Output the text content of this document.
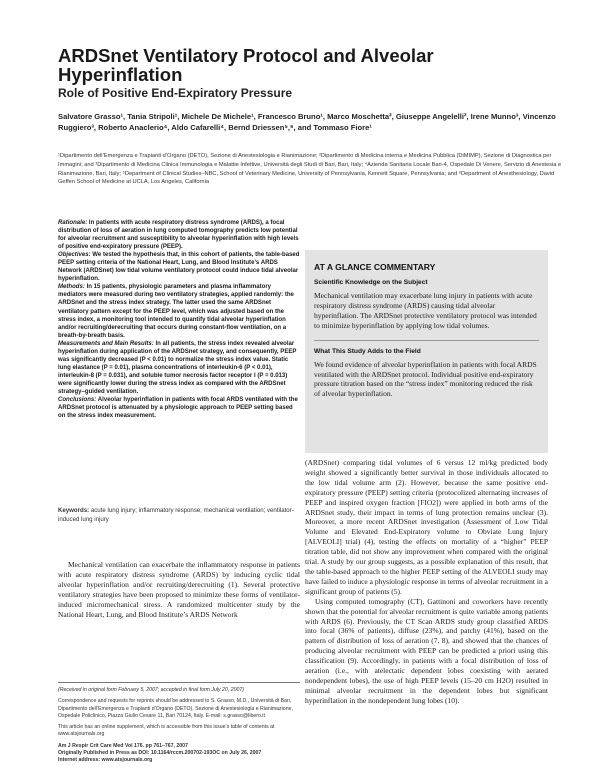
ARDSnet Ventilatory Protocol and Alveolar Hyperinflation
Role of Positive End-Expiratory Pressure
Salvatore Grasso¹, Tania Stripoli¹, Michele De Michele¹, Francesco Bruno¹, Marco Moschetta², Giuseppe Angelelli², Irene Munno³, Vincenzo Ruggiero³, Roberto Anaclerio⁴, Aldo Cafarelli⁴, Bernd Driessen⁵,⁶, and Tommaso Fiore¹
¹Dipartimento dell’Emergenza e Trapianti d’Organo (DETO), Sezione di Anestesiologia e Rianimazione; ²Dipartimento di Medicina interna e Medicina Pubblica (DiMIMP), Sezione di Diagnostica per Immagini; and ³Dipartimento di Medicina Clinica Immunologia e Malattie Infettive, Università degli Studi di Bari, Bari, Italy; ⁴Azienda Sanitaria Locale Bari-4, Ospedale Di Venere, Servizio di Anestesia e Rianimazione, Bari, Italy; ⁵Department of Clinical Studies–NBC, School of Veterinary Medicine, University of Pennsylvania, Kennett Square, Pennsylvania; and ⁶Department of Anesthesiology, David Geffen School of Medicine at UCLA, Los Angeles, California

Rationale: In patients with acute respiratory distress syndrome (ARDS), a focal distribution of loss of aeration in lung computed tomography predicts low potential for alveolar recruitment and susceptibility to alveolar hyperinflation with high levels of positive end-expiratory pressure (PEEP).

Objectives: We tested the hypothesis that, in this cohort of patients, the table-based PEEP setting criteria of the National Heart, Lung, and Blood Institute’s ARDS Network (ARDSnet) low tidal volume ventilatory protocol could induce tidal alveolar hyperinflation.

Methods: In 15 patients, physiologic parameters and plasma inflammatory mediators were measured during two ventilatory strategies, applied randomly: the ARDSnet and the stress index strategy. The latter used the same ARDSnet ventilatory pattern except for the PEEP level, which was adjusted based on the stress index, a monitoring tool intended to quantify tidal alveolar hyperinflation and/or recruiting/derecruiting that occurs during constant-flow ventilation, on a breath-by-breath basis.

Measurements and Main Results: In all patients, the stress index revealed alveolar hyperinflation during application of the ARDSnet strategy, and consequently, PEEP was significantly decreased (P < 0.01) to normalize the stress index value. Static lung elastance (P = 0.01), plasma concentrations of interleukin-6 (P < 0.01), interleukin-8 (P = 0.031), and soluble tumor necrosis factor receptor I (P = 0.013) were significantly lower during the stress index as compared with the ARDSnet strategy–guided ventilation.

Conclusions: Alveolar hyperinflation in patients with focal ARDS ventilated with the ARDSnet protocol is attenuated by a physiologic approach to PEEP setting based on the stress index measurement.

Keywords: acute lung injury; inflammatory response; mechanical ventilation; ventilator-induced lung injury
Mechanical ventilation can exacerbate the inflammatory response in patients with acute respiratory distress syndrome (ARDS) by inducing cyclic tidal alveolar hyperinflation and/or recruiting/derecruiting (1). Several protective ventilatory strategies have been proposed to minimize these forms of ventilator-induced micromechanical stress. A randomized multicenter study by the National Heart, Lung, and Blood Institute’s ARDS Network
(Received in original form February 5, 2007; accepted in final form July 20, 2007)
Correspondence and requests for reprints should be addressed to S. Grasso, M.D., Università di Bari, Dipartimento dell’Emergenza e Trapianti d’Organo (DETO), Sezione di Anestesiologia e Rianimazione, Ospedale Policlinico, Piazza Giulio Cesare 11, Bari 70124, Italy. E-mail: s.grasso@libero.it
This article has an online supplement, which is accessible from this issue’s table of contents at www.atsjournals.org
Am J Respir Crit Care Med Vol 176. pp 761–767, 2007
Originally Published in Press as DOI: 10.1164/rccm.200702-193OC on July 26, 2007
Internet address: www.atsjournals.org
AT A GLANCE COMMENTARY
Scientific Knowledge on the Subject

Mechanical ventilation may exacerbate lung injury in patients with acute respiratory distress syndrome (ARDS) causing tidal alveolar hyperinflation. The ARDSnet protective ventilatory protocol was intended to minimize hyperinflation by applying low tidal volumes.

What This Study Adds to the Field

We found evidence of alveolar hyperinflation in patients with focal ARDS ventilated with the ARDSnet protocol. Individual positive end-expiratory pressure titration based on the “stress index” monitoring reduced the risk of alveolar hyperinflation.

(ARDSnet) comparing tidal volumes of 6 versus 12 ml/kg predicted body weight showed a significantly better survival in those individuals allocated to the low tidal volume arm (2). However, because the same positive end-expiratory pressure (PEEP) setting criteria (protocolized alternating increases of PEEP and inspired oxygen fraction [FIO2]) were applied in both arms of the ARDSnet study, their impact in terms of lung protection remains unclear (3). Moreover, a more recent ARDSnet investigation (Assessment of Low Tidal Volume and Elevated End-Expiratory volume to Obviate Lung Injury [ALVEOLI] trial) (4), testing the effects on mortality of a “higher” PEEP titration table, did not show any improvement when compared with the original trial. A study by our group suggests, as a possible explanation of this result, that the table-based approach to the higher PEEP setting of the ALVEOLI study may have failed to induce a physiologic response in terms of alveolar recruitment in a significant group of patients (5).

Using computed tomography (CT), Gattinoni and coworkers have recently shown that the potential for alveolar recruitment is quite variable among patients with ARDS (6). Previously, the CT Scan ARDS study group classified ARDS into focal (36% of patients), diffuse (23%), and patchy (41%), based on the pattern of distribution of loss of aeration (7, 8), and showed that the chances of producing alveolar recruitment with PEEP can be predicted a priori using this classification (9). Accordingly, in patients with a focal distribution of loss of aeration (i.e., with atelectatic dependent lobes coexisting with aerated nondependent lobes), the use of high PEEP levels (15–20 cm H2O) resulted in minimal alveolar recruitment in the dependent lobes but significant hyperinflation in the nondependent lung lobes (10).
